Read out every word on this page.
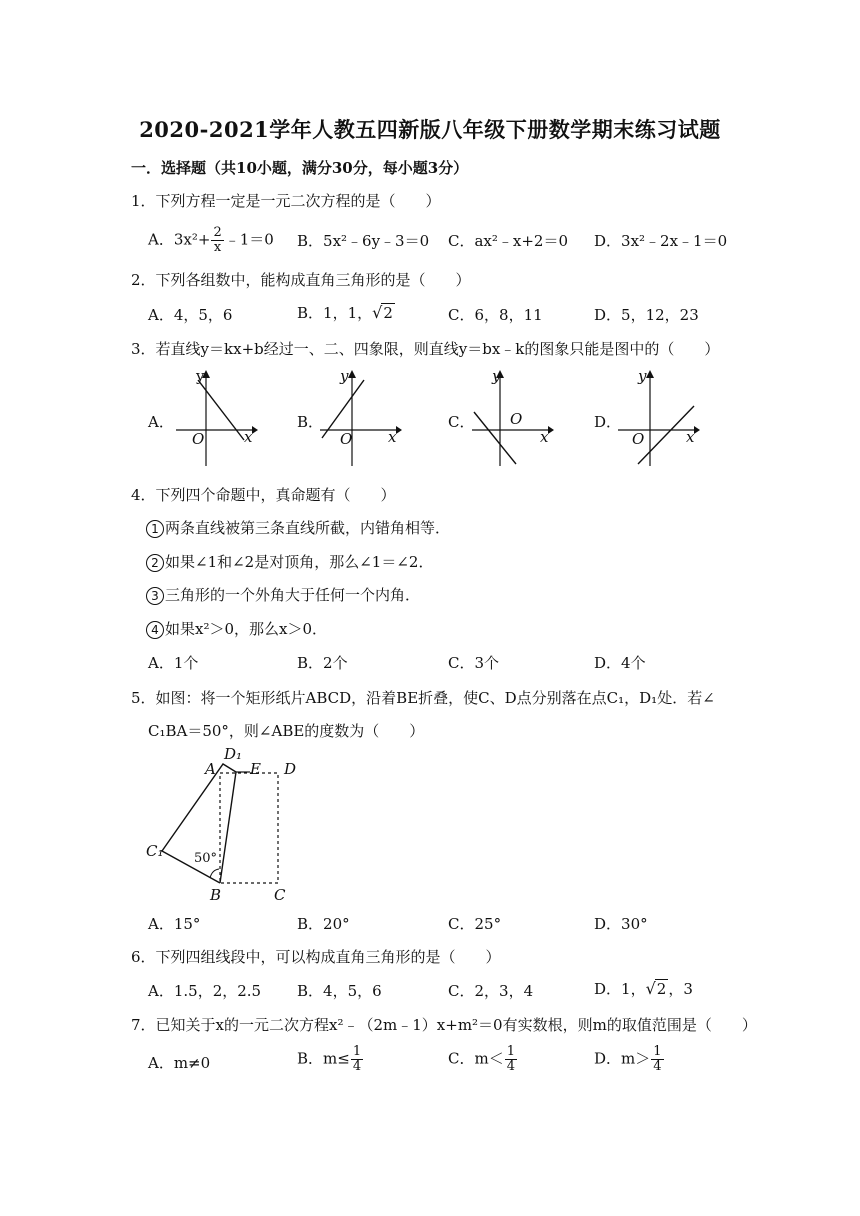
2020-2021学年人教五四新版八年级下册数学期末练习试题
一．选择题（共10小题，满分30分，每小题3分）
1．下列方程一定是一元二次方程的是（　　）
A．$3x^2+ \frac{2}{x}$ ﹣1＝0 B．5x²﹣6y﹣3＝0 C．ax²﹣x+2＝0 D．3x²﹣2x﹣1＝0
2．下列各组数中，能构成直角三角形的是（　　）
A．4，5，6	B．1，1，√2	C．6，8，11	D．5，12，23
3．若直线y＝kx+b经过一、二、四象限，则直线y＝bx﹣k的图象只能是图中的（　　）
A．
y
O	x
B．
y
O x
C．
y
O
x
D．
y
O	x
4．下列四个命题中，真命题有（　　）
1 两条直线被第三条直线所截，内错角相等．
2 如果∠1和∠2是对顶角，那么∠1＝∠2．
3 三角形的一个外角大于任何一个内角．
4 如果x²＞0，那么x＞0．
A．1个	B．2个	C．3个	D．4个
5．如图：将一个矩形纸片ABCD，沿着BE折叠，使C、D点分别落在点C₁，D₁处．若∠
C₁BA＝50°，则∠ABE的度数为（　　）
A
D₁
E D
C₁ 50°
B	C
A．15°	B．20°	C．25°	D．30°
6．下列四组线段中，可以构成直角三角形的是（　　）
A．1.5，2，2.5 B．4，5，6	C．2，3，4	D．1，√2 ，3
7．已知关于x的一元二次方程x²﹣（2m﹣1）x+m²＝0有实数根，则m的取值范围是（　　）
A．m≠0	B．$m\le \frac{1}{4}$	C．$m< \frac{1}{4}$	D．$m> \frac{1}{4}$
